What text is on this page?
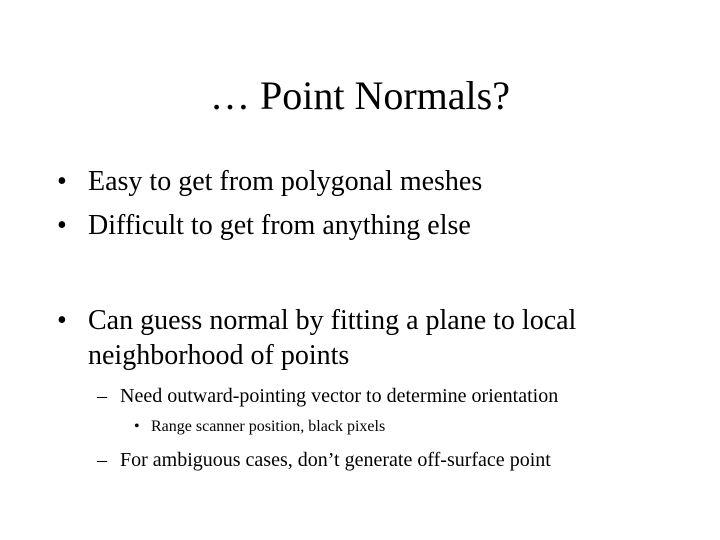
… Point Normals?
• Easy to get from polygonal meshes
• Difficult to get from anything else
• Can guess normal by fitting a plane to local
neighborhood of points
– Need outward-pointing vector to determine orientation
• Range scanner position, black pixels
– For ambiguous cases, don’t generate off-surface point
